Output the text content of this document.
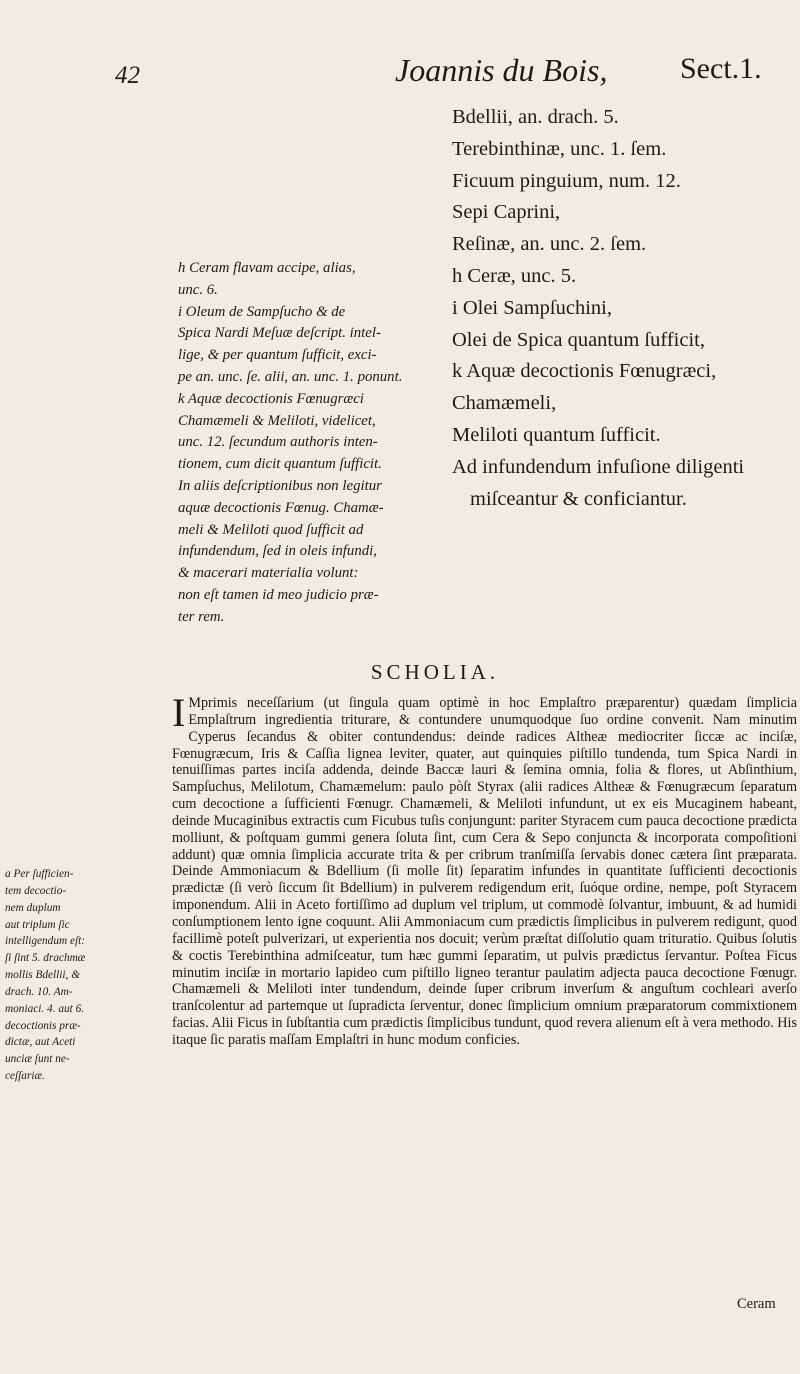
42	Joannis du Bois, Sect.1.
Bdellii, an. drach. 5.
Terebinthinæ, unc. 1. ſem.
Ficuum pinguium, num. 12.
Sepi Caprini,
Reſinæ, an. unc. 2. ſem.
h Ceræ, unc. 5.
i Olei Sampſuchini,
Olei de Spica quantum ſufficit,
k Aquæ decoctionis Fœnugræci,
Chamæmeli,
Meliloti quantum ſufficit.
Ad infundendum infuſione diligenti
miſceantur & conficiantur.
h Ceram flavam accipe, alias,
unc. 6.
i Oleum de Sampſucho & de
Spica Nardi Meſuæ deſcript. intel-
lige, & per quantum ſufficit, exci-
pe an. unc. ſe. alii, an. unc. 1. ponunt.
k Aquæ decoctionis Fœnugræci
Chamæmeli & Meliloti, videlicet,
unc. 12. ſecundum authoris inten-
tionem, cum dicit quantum ſufficit.
In aliis deſcriptionibus non legitur
aquæ decoctionis Fœnug. Chamæ-
meli & Meliloti quod ſufficit ad
infundendum, ſed in oleis infundi,
& macerari materialia volunt:
non eſt tamen id meo judicio præ-
ter rem.
SCHOLIA.

I Mprimis neceſſarium (ut ſingula quam optimè in hoc Emplaſtro præparentur) quædam ſimplicia Emplaſtrum ingredientia triturare, & contundere unumquodque ſuo ordine convenit. Nam minutim Cyperus ſecandus & obiter contundendus: deinde radices Altheæ mediocriter ſiccæ ac inciſæ, Fœnugræcum, Iris & Caſſia lignea leviter, quater, aut quinquies piſtillo tundenda, tum Spica Nardi in tenuiſſimas partes inciſa addenda, deinde Baccæ lauri & ſemina omnia, folia & flores, ut Abſinthium, Sampſuchus, Melilotum, Chamæmelum: paulo pòſt Styrax (alii radices Altheæ & Fœnugræcum ſeparatum cum decoctione a ſufficienti Fœnugr. Chamæmeli, & Meliloti infundunt, ut ex eis Mucaginem habeant, deinde Mucaginibus extractis cum Ficubus tuſis conjungunt: pariter Styracem cum pauca decoctione prædicta molliunt, & poſtquam gummi genera ſoluta ſint, cum Cera & Sepo conjuncta & incorporata compoſitioni addunt) quæ omnia ſimplicia accurate trita & per cribrum tranſmiſſa ſervabis donec cætera ſint præparata. Deinde Ammoniacum & Bdellium (ſi molle ſit) ſeparatim infundes in quantitate ſufficienti decoctionis prædictæ (ſi verò ſiccum ſit Bdellium) in pulverem redigendum erit, ſuóque ordine, nempe, poſt Styracem imponendum. Alii in Aceto fortiſſimo ad duplum vel triplum, ut commodè ſolvantur, imbuunt, & ad humidi conſumptionem lento igne coquunt. Alii Ammoniacum cum prædictis ſimplicibus in pulverem redigunt, quod facillimè poteſt pulverizari, ut experientia nos docuit; verùm præſtat diſſolutio quam trituratio. Quibus ſolutis & coctis Terebinthina admiſceatur, tum hæc gummi ſeparatim, ut pulvis prædictus ſervantur. Poſtea Ficus minutim inciſæ in mortario lapideo cum piſtillo ligneo terantur paulatim adjecta pauca decoctione Fœnugr. Chamæmeli & Meliloti inter tundendum, deinde ſuper cribrum inverſum & anguſtum cochleari averſo tranſcolentur ad partemque ut ſupradicta ſerventur, donec ſimplicium omnium præparatorum commixtionem facias. Alii Ficus in ſubſtantia cum prædictis ſimplicibus tundunt, quod revera alienum eſt à vera methodo. His itaque ſic paratis maſſam Emplaſtri in hunc modum conficies.

a Per ſufficien-
tem decoctio-
nem duplum
aut triplum ſic
intelligendum eſt:
ſi ſint 5. drachmæ
mollis Bdellii, &
drach. 10. Am-
moniaci. 4. aut 6.
decoctionis præ-
dictæ, aut Aceti
unciæ ſunt ne-
ceſſariæ.
Ceram
